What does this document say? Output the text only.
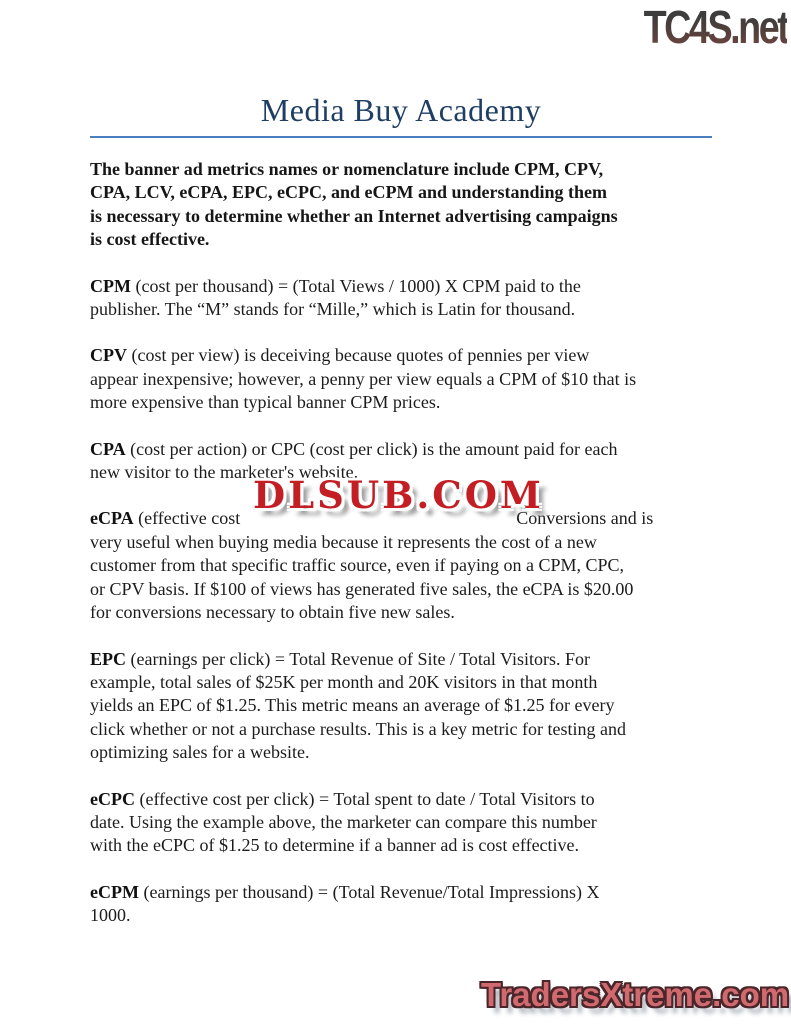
TC4S.net
Media Buy Academy

The banner ad metrics names or nomenclature include CPM, CPV,
CPA, LCV, eCPA, EPC, eCPC, and eCPM and understanding them
is necessary to determine whether an Internet advertising campaigns
is cost effective.

CPM (cost per thousand) = (Total Views / 1000) X CPM paid to the
publisher. The “M” stands for “Mille,” which is Latin for thousand.

CPV (cost per view) is deceiving because quotes of pennies per view
appear inexpensive; however, a penny per view equals a CPM of $10 that is
more expensive than typical banner CPM prices.

CPA (cost per action) or CPC (cost per click) is the amount paid for each
new visitor to the marketer's website.

DLSUB.COM
eCPA (effective cost	Conversions and is
very useful when buying media because it represents the cost of a new
customer from that specific traffic source, even if paying on a CPM, CPC,
or CPV basis. If $100 of views has generated five sales, the eCPA is $20.00
for conversions necessary to obtain five new sales.

EPC (earnings per click) = Total Revenue of Site / Total Visitors. For
example, total sales of $25K per month and 20K visitors in that month
yields an EPC of $1.25. This metric means an average of $1.25 for every
click whether or not a purchase results. This is a key metric for testing and
optimizing sales for a website.

eCPC (effective cost per click) = Total spent to date / Total Visitors to
date. Using the example above, the marketer can compare this number
with the eCPC of $1.25 to determine if a banner ad is cost effective.

eCPM (earnings per thousand) = (Total Revenue/Total Impressions) X
1000.

TradersXtreme.com
